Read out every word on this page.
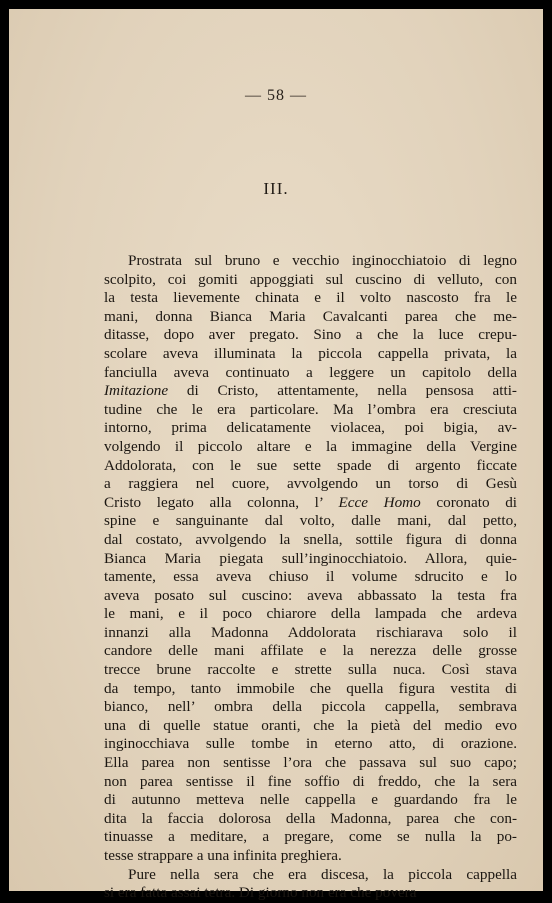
— 58 —
III.
Prostrata sul bruno e vecchio inginocchiatoio di legno
scolpito, coi gomiti appoggiati sul cuscino di velluto, con
la testa lievemente chinata e il volto nascosto fra le
mani, donna Bianca Maria Cavalcanti parea che me-
ditasse, dopo aver pregato. Sino a che la luce crepu-
scolare aveva illuminata la piccola cappella privata, la
fanciulla aveva continuato a leggere un capitolo della
Imitazione di Cristo, attentamente, nella pensosa atti-
tudine che le era particolare. Ma l’ombra era cresciuta
intorno, prima delicatamente violacea, poi bigia, av-
volgendo il piccolo altare e la immagine della Vergine
Addolorata, con le sue sette spade di argento ficcate
a raggiera nel cuore, avvolgendo un torso di Gesù
Cristo legato alla colonna, l’ Ecce Homo coronato di
spine e sanguinante dal volto, dalle mani, dal petto,
dal costato, avvolgendo la snella, sottile figura di donna
Bianca Maria piegata sull’inginocchiatoio. Allora, quie-
tamente, essa aveva chiuso il volume sdrucito e lo
aveva posato sul cuscino: aveva abbassato la testa fra
le mani, e il poco chiarore della lampada che ardeva
innanzi alla Madonna Addolorata rischiarava solo il
candore delle mani affilate e la nerezza delle grosse
trecce brune raccolte e strette sulla nuca. Così stava
da tempo, tanto immobile che quella figura vestita di
bianco, nell’ ombra della piccola cappella, sembrava
una di quelle statue oranti, che la pietà del medio evo
inginocchiava sulle tombe in eterno atto, di orazione.
Ella parea non sentisse l’ora che passava sul suo capo;
non parea sentisse il fine soffio di freddo, che la sera
di autunno metteva nelle cappella e guardando fra le
dita la faccia dolorosa della Madonna, parea che con-
tinuasse a meditare, a pregare, come se nulla la po-
tesse strappare a una infinita preghiera.
Pure nella sera che era discesa, la piccola cappella
si era fatta assai tetra. Di giorno non era che povera
